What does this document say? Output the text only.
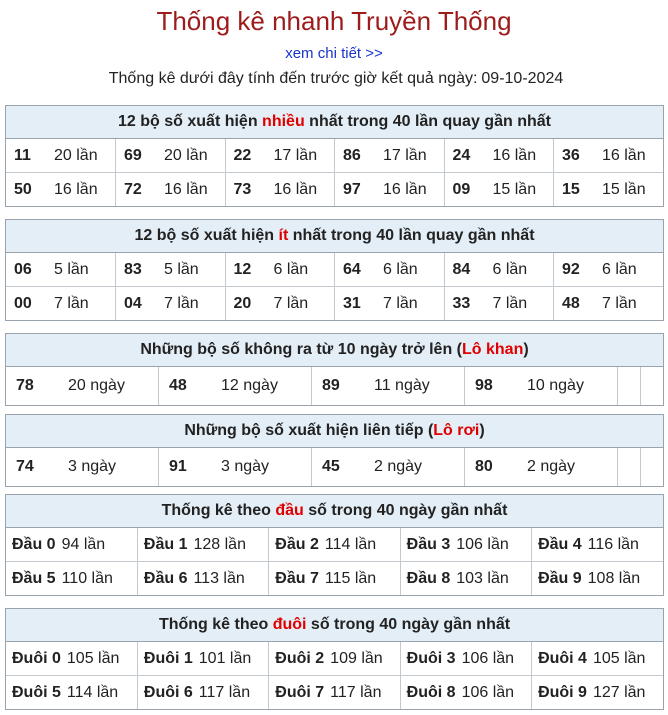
Thống kê nhanh Truyền Thống
xem chi tiết >>
Thống kê dưới đây tính đến trước giờ kết quả ngày: 09-10-2024
12 bộ số xuất hiện nhiều nhất trong 40 lần quay gần nhất
11 20 lần	69 20 lần	22 17 lần	86 17 lần	24 16 lần	36 16 lần
50 16 lần	72 16 lần	73 16 lần	97 16 lần	09 15 lần	15 15 lần
12 bộ số xuất hiện ít nhất trong 40 lần quay gần nhất
06 5 lần	83 5 lần	12 6 lần	64 6 lần	84 6 lần	92 6 lần
00 7 lần	04 7 lần	20 7 lần	31 7 lần	33 7 lần	48 7 lần
Những bộ số không ra từ 10 ngày trở lên (Lô khan)
78 20 ngày	48 12 ngày	89 11 ngày	98 10 ngày		
Những bộ số xuất hiện liên tiếp (Lô rơi)
74 3 ngày	91 3 ngày	45 2 ngày	80 2 ngày		
Thống kê theo đầu số trong 40 ngày gần nhất
Đầu 0 94 lần	Đầu 1 128 lần	Đầu 2 114 lần	Đầu 3 106 lần	Đầu 4 116 lần
Đầu 5 110 lần	Đầu 6 113 lần	Đầu 7 115 lần	Đầu 8 103 lần	Đầu 9 108 lần
Thống kê theo đuôi số trong 40 ngày gần nhất
Đuôi 0 105 lần	Đuôi 1 101 lần	Đuôi 2 109 lần	Đuôi 3 106 lần	Đuôi 4 105 lần
Đuôi 5 114 lần	Đuôi 6 117 lần	Đuôi 7 117 lần	Đuôi 8 106 lần	Đuôi 9 127 lần
